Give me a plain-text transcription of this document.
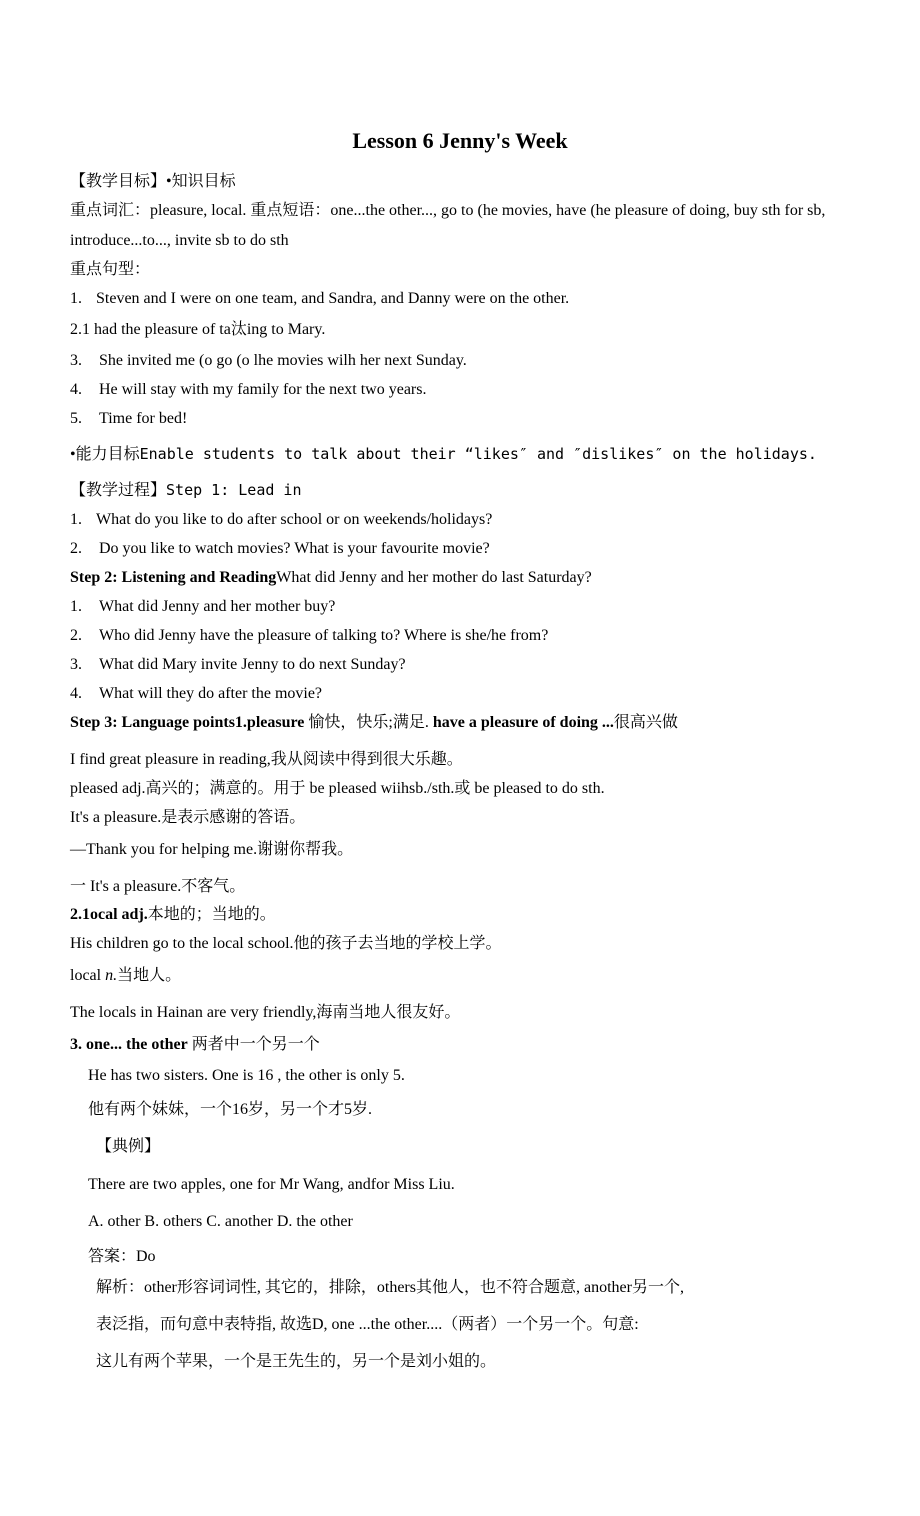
Lesson 6 Jenny's Week
【教学目标】•知识目标
重点词汇：pleasure, local. 重点短语：one...the other..., go to (he movies, have (he pleasure of doing, buy sth for sb, introduce...to..., invite sb to do sth
重点句型：
1. Steven and I were on one team, and Sandra, and Danny were on the other.
2.1 had the pleasure of ta汰ing to Mary.
3. She invited me (o go (o lhe movies wilh her next Sunday.
4. He will stay with my family for the next two years.
5. Time for bed!
•能力目标Enable students to talk about their “likes″ and ″dislikes″ on the holidays.
【教学过程】Step 1: Lead in
1. What do you like to do after school or on weekends/holidays?
2. Do you like to watch movies? What is your favourite movie?
Step 2: Listening and ReadingWhat did Jenny and her mother do last Saturday?
1. What did Jenny and her mother buy?
2. Who did Jenny have the pleasure of talking to? Where is she/he from?
3. What did Mary invite Jenny to do next Sunday?
4. What will they do after the movie?
Step 3: Language points1.pleasure 愉快，快乐;满足. have a pleasure of doing ...很高兴做
I find great pleasure in reading,我从阅读中得到很大乐趣。
pleased adj.高兴的；满意的。用于 be pleased wiihsb./sth.或 be pleased to do sth.
It's a pleasure.是表示感谢的答语。
—Thank you for helping me.谢谢你帮我。
一 It's a pleasure.不客气。
2.1ocal adj.本地的；当地的。
His children go to the local school.他的孩子去当地的学校上学。
local n.当地人。
The locals in Hainan are very friendly,海南当地人很友好。
3. one... the other 两者中一个另一个
He has two sisters. One is 16 , the other is only 5.
他有两个妹妹，一个16岁，另一个才5岁.
【典例】
There are two apples, one for Mr Wang, andfor Miss Liu.
A. other B. others C. another D. the other
答案：Do
解析：other形容词词性, 其它的，排除，others其他人，也不符合题意, another另一个,
表泛指，而句意中表特指, 故选D, one ...the other....（两者）一个另一个。句意:
这儿有两个苹果，一个是王先生的，另一个是刘小姐的。
